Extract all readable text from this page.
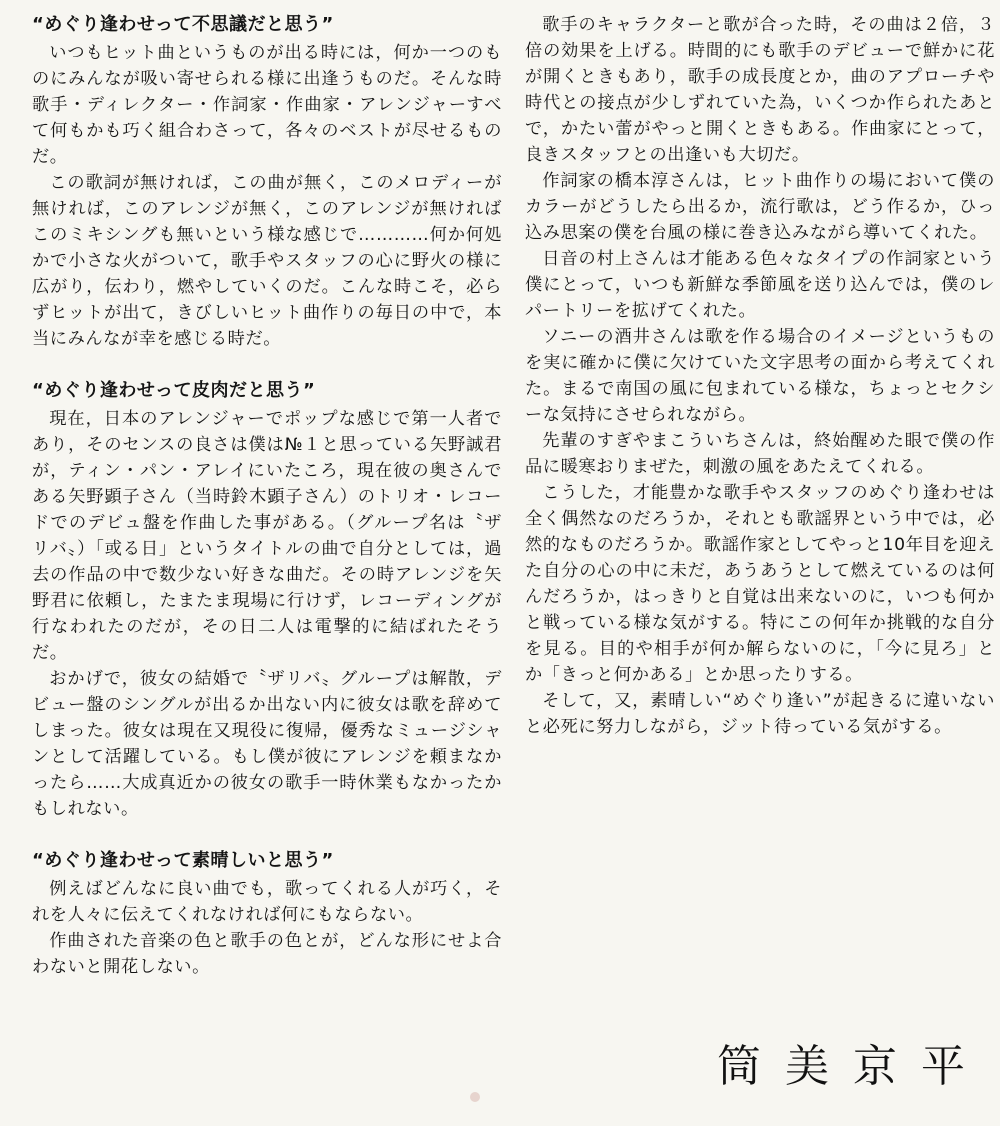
“めぐり逢わせって不思議だと思う”

いつもヒット曲というものが出る時には，何か一つのものにみんなが吸い寄せられる様に出逢うものだ。そんな時歌手・ディレクター・作詞家・作曲家・アレンジャーすべて何もかも巧く組合わさって，各々のベストが尽せるものだ。

この歌詞が無ければ，この曲が無く，このメロディーが無ければ，このアレンジが無く，このアレンジが無ければこのミキシングも無いという様な感じで…………何か何処かで小さな火がついて，歌手やスタッフの心に野火の様に広がり，伝わり，燃やしていくのだ。こんな時こそ，必らずヒットが出て，きびしいヒット曲作りの毎日の中で，本当にみんなが幸を感じる時だ。

“めぐり逢わせって皮肉だと思う”

現在，日本のアレンジャーでポップな感じで第一人者であり，そのセンスの良さは僕は№１と思っている矢野誠君が，ティン・パン・アレイにいたころ，現在彼の奥さんである矢野顕子さん（当時鈴木顕子さん）のトリオ・レコードでのデビュ盤を作曲した事がある。（グループ名は〝ザリバ〟）「或る日」というタイトルの曲で自分としては，過去の作品の中で数少ない好きな曲だ。その時アレンジを矢野君に依頼し，たまたま現場に行けず，レコーディングが行なわれたのだが，その日二人は電撃的に結ばれたそうだ。

おかげで，彼女の結婚で〝ザリバ〟グループは解散，デビュー盤のシングルが出るか出ない内に彼女は歌を辞めてしまった。彼女は現在又現役に復帰，優秀なミュージシャンとして活躍している。もし僕が彼にアレンジを頼まなかったら……大成真近かの彼女の歌手一時休業もなかったかもしれない。

“めぐり逢わせって素晴しいと思う”

例えばどんなに良い曲でも，歌ってくれる人が巧く，それを人々に伝えてくれなければ何にもならない。

作曲された音楽の色と歌手の色とが，どんな形にせよ合わないと開花しない。

歌手のキャラクターと歌が合った時，その曲は２倍，３倍の効果を上げる。時間的にも歌手のデビューで鮮かに花が開くときもあり，歌手の成長度とか，曲のアプローチや時代との接点が少しずれていた為，いくつか作られたあとで，かたい蕾がやっと開くときもある。作曲家にとって，良きスタッフとの出逢いも大切だ。

作詞家の橋本淳さんは，ヒット曲作りの場において僕のカラーがどうしたら出るか，流行歌は，どう作るか，ひっ込み思案の僕を台風の様に巻き込みながら導いてくれた。

日音の村上さんは才能ある色々なタイプの作詞家という僕にとって，いつも新鮮な季節風を送り込んでは，僕のレパートリーを拡げてくれた。

ソニーの酒井さんは歌を作る場合のイメージというものを実に確かに僕に欠けていた文字思考の面から考えてくれた。まるで南国の風に包まれている様な，ちょっとセクシーな気持にさせられながら。

先輩のすぎやまこういちさんは，終始醒めた眼で僕の作品に暖寒おりまぜた，刺激の風をあたえてくれる。

こうした，才能豊かな歌手やスタッフのめぐり逢わせは全く偶然なのだろうか，それとも歌謡界という中では，必然的なものだろうか。歌謡作家としてやっと10年目を迎えた自分の心の中に未だ，あうあうとして燃えているのは何んだろうか，はっきりと自覚は出来ないのに，いつも何かと戦っている様な気がする。特にこの何年か挑戦的な自分を見る。目的や相手が何か解らないのに，「今に見ろ」とか「きっと何かある」とか思ったりする。

そして，又，素晴しい“めぐり逢い”が起きるに違いないと必死に努力しながら，ジット待っている気がする。

筒美京平
